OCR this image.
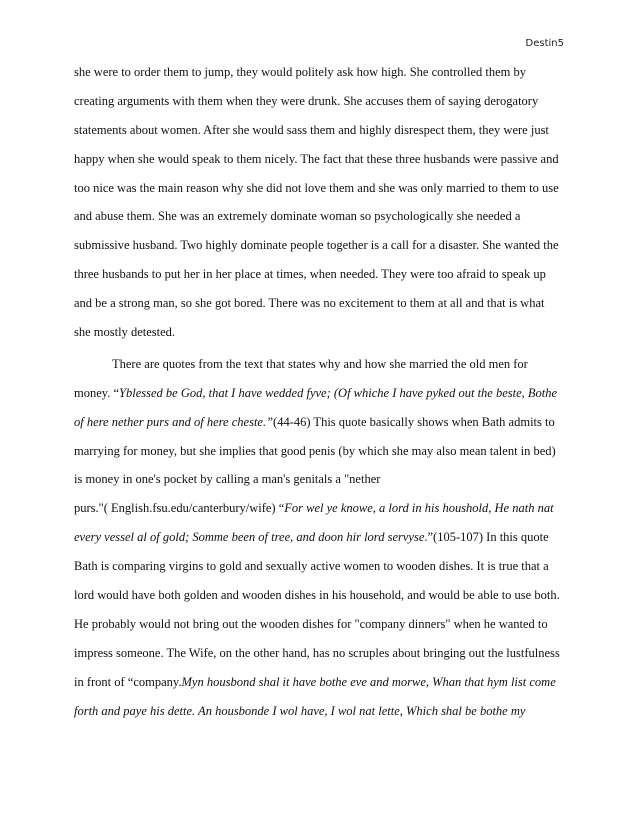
Destin5
she were to order them to jump, they would politely ask how high. She controlled them by
creating arguments with them when they were drunk. She accuses them of saying derogatory
statements about women. After she would sass them and highly disrespect them, they were just
happy when she would speak to them nicely. The fact that these three husbands were passive and
too nice was the main reason why she did not love them and she was only married to them to use
and abuse them. She was an extremely dominate woman so psychologically she needed a
submissive husband. Two highly dominate people together is a call for a disaster. She wanted the
three husbands to put her in her place at times, when needed. They were too afraid to speak up
and be a strong man, so she got bored. There was no excitement to them at all and that is what
she mostly detested.
There are quotes from the text that states why and how she married the old men for
money. “Yblessed be God, that I have wedded fyve; (Of whiche I have pyked out the beste, Bothe
of here nether purs and of here cheste.”(44-46) This quote basically shows when Bath admits to
marrying for money, but she implies that good penis (by which she may also mean talent in bed)
is money in one's pocket by calling a man's genitals a "nether
purs."( English.fsu.edu/canterbury/wife) “For wel ye knowe, a lord in his houshold, He nath nat
every vessel al of gold; Somme been of tree, and doon hir lord servyse.”(105-107) In this quote
Bath is comparing virgins to gold and sexually active women to wooden dishes. It is true that a
lord would have both golden and wooden dishes in his household, and would be able to use both.
He probably would not bring out the wooden dishes for "company dinners" when he wanted to
impress someone. The Wife, on the other hand, has no scruples about bringing out the lustfulness
in front of “company.Myn housbond shal it have bothe eve and morwe, Whan that hym list come
forth and paye his dette. An housbonde I wol have, I wol nat lette, Which shal be bothe my
